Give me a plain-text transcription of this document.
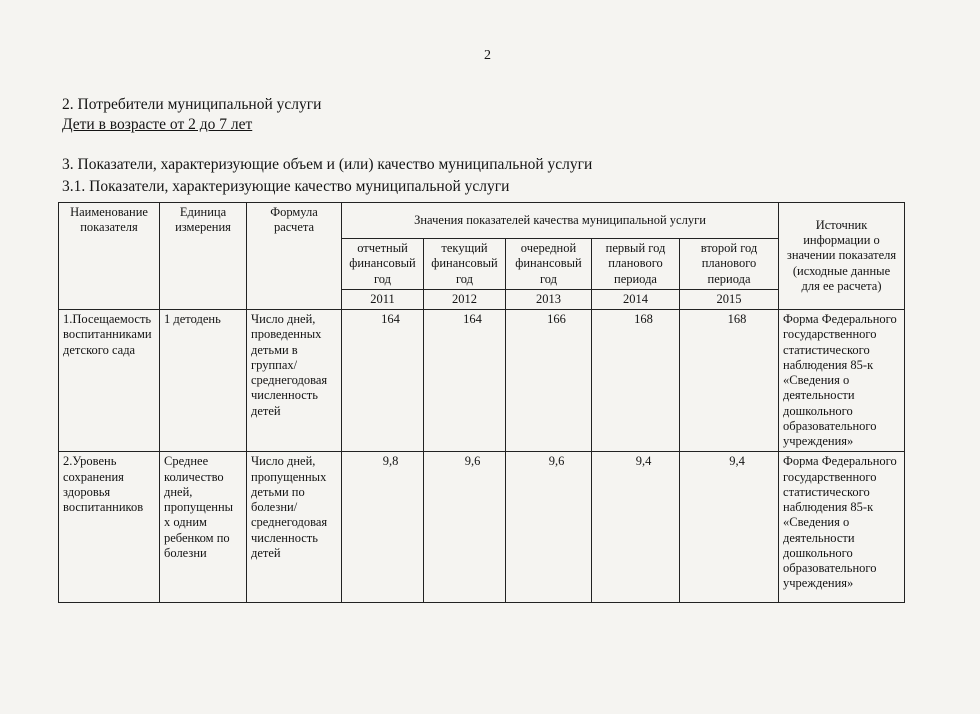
2
2. Потребители муниципальной услуги
Дети в возрасте от 2 до 7 лет
3. Показатели, характеризующие объем и (или) качество муниципальной услуги
3.1. Показатели, характеризующие качество муниципальной услуги
Наименование показателя	Единица измерения	Формула расчета	Значения показателей качества муниципальной услуги					Источник информации о значении показателя (исходные данные для ее расчета)
			отчетный финансовый год	текущий финансовый год	очередной финансовый год	первый год планового периода	второй год планового периода	
			2011	2012	2013	2014	2015	
1.Посещаемость воспитанниками детского сада	1 детодень	Число дней, проведенных детьми в группах/ среднегодовая численность детей	164	164	166	168	168	Форма Федерального государственного статистического наблюдения 85-к «Сведения о деятельности дошкольного образовательного учреждения»
2.Уровень сохранения здоровья воспитанников	Среднее количество дней, пропущенны х одним ребенком по болезни	Число дней, пропущенных детьми по болезни/ среднегодовая численность детей	9,8	9,6	9,6	9,4	9,4	Форма Федерального государственного статистического наблюдения 85-к «Сведения о деятельности дошкольного образовательного учреждения»
